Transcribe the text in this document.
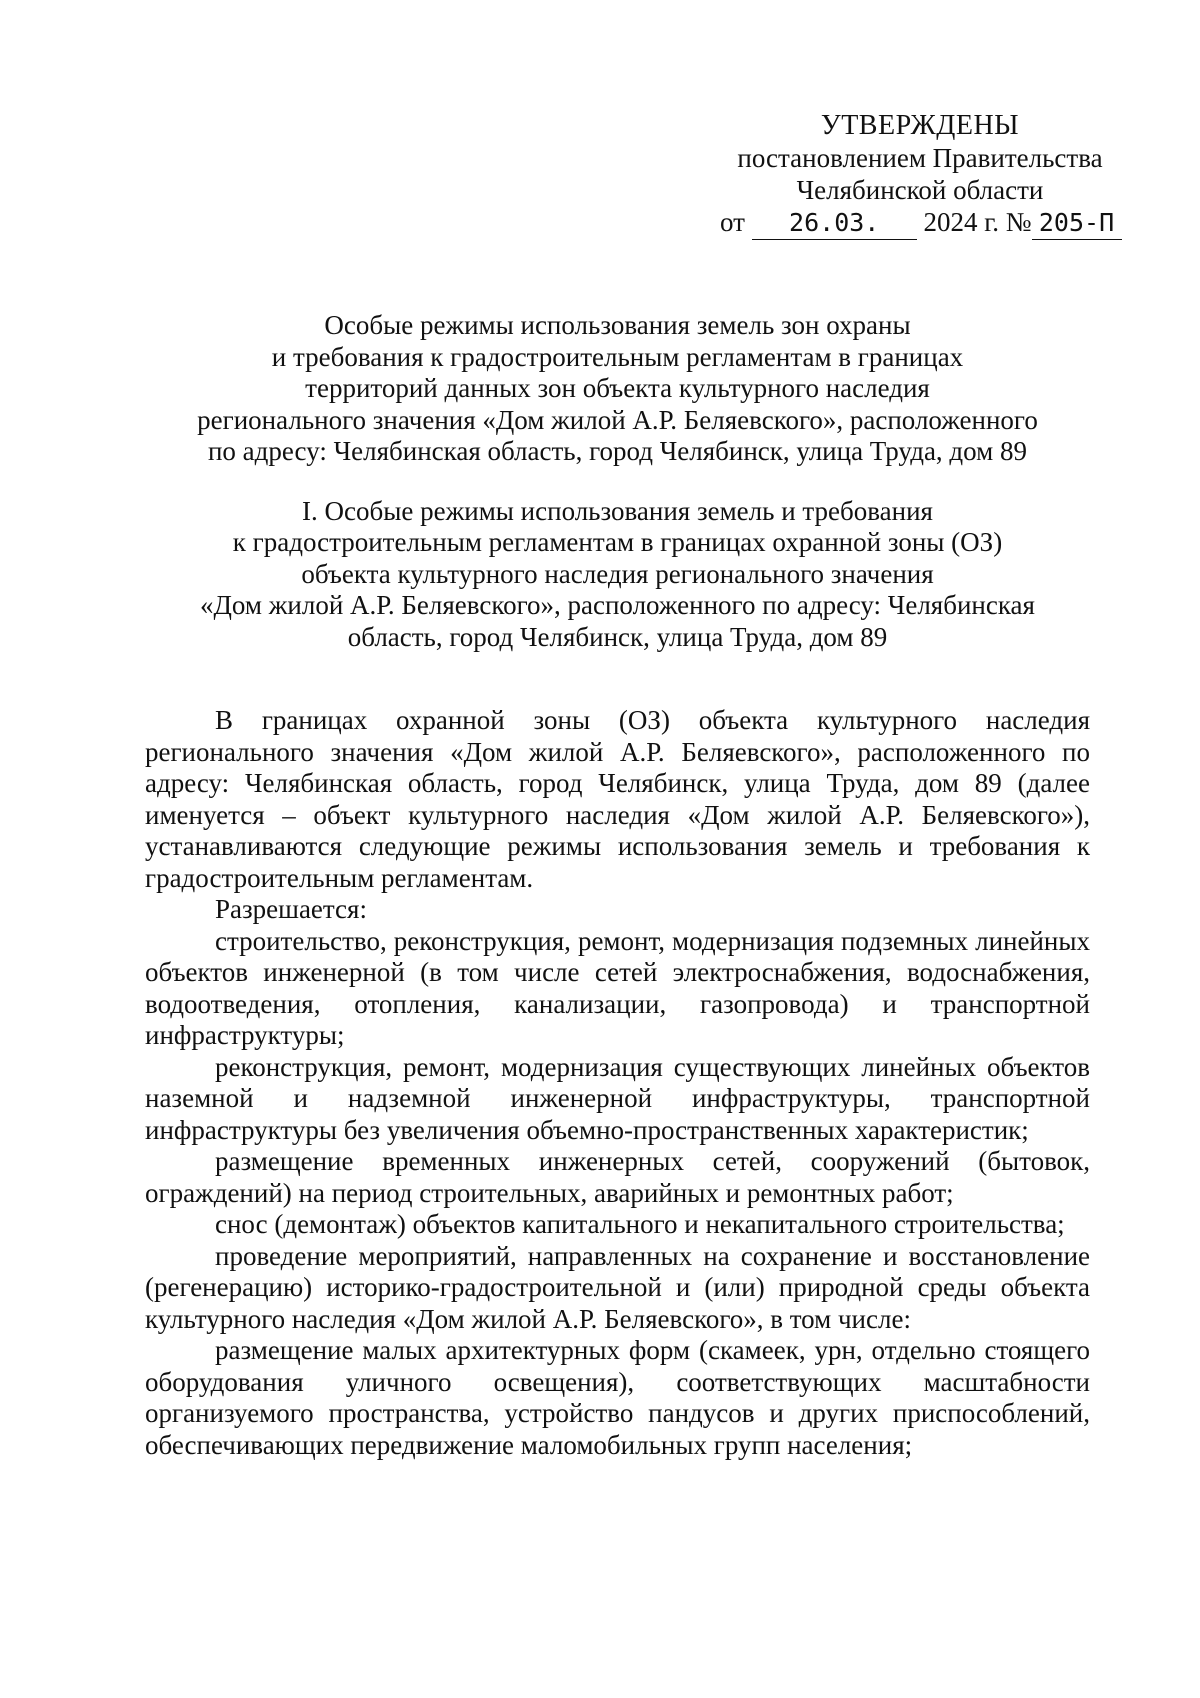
УТВЕРЖДЕНЫ
постановлением Правительства
Челябинской области
от 26.03. 2024 г. № 205-П

Особые режимы использования земель зон охраны

и требования к градостроительным регламентам в границах

территорий данных зон объекта культурного наследия

регионального значения «Дом жилой А.Р. Беляевского», расположенного

по адресу: Челябинская область, город Челябинск, улица Труда, дом 89

I. Особые режимы использования земель и требования

к градостроительным регламентам в границах охранной зоны (ОЗ)

объекта культурного наследия регионального значения

«Дом жилой А.Р. Беляевского», расположенного по адресу: Челябинская

область, город Челябинск, улица Труда, дом 89

В границах охранной зоны (ОЗ) объекта культурного наследия регионального значения «Дом жилой А.Р. Беляевского», расположенного по адресу: Челябинская область, город Челябинск, улица Труда, дом 89 (далее именуется – объект культурного наследия «Дом жилой А.Р. Беляевского»), устанавливаются следующие режимы использования земель и требования к градостроительным регламентам.

Разрешается:

строительство, реконструкция, ремонт, модернизация подземных линейных объектов инженерной (в том числе сетей электроснабжения, водоснабжения, водоотведения, отопления, канализации, газопровода) и транспортной инфраструктуры;

реконструкция, ремонт, модернизация существующих линейных объектов наземной и надземной инженерной инфраструктуры, транспортной инфраструктуры без увеличения объемно-пространственных характеристик;

размещение временных инженерных сетей, сооружений (бытовок, ограждений) на период строительных, аварийных и ремонтных работ;

снос (демонтаж) объектов капитального и некапитального строительства;

проведение мероприятий, направленных на сохранение и восстановление (регенерацию) историко-градостроительной и (или) природной среды объекта культурного наследия «Дом жилой А.Р. Беляевского», в том числе:

размещение малых архитектурных форм (скамеек, урн, отдельно стоящего оборудования уличного освещения), соответствующих масштабности организуемого пространства, устройство пандусов и других приспособлений, обеспечивающих передвижение маломобильных групп населения;
